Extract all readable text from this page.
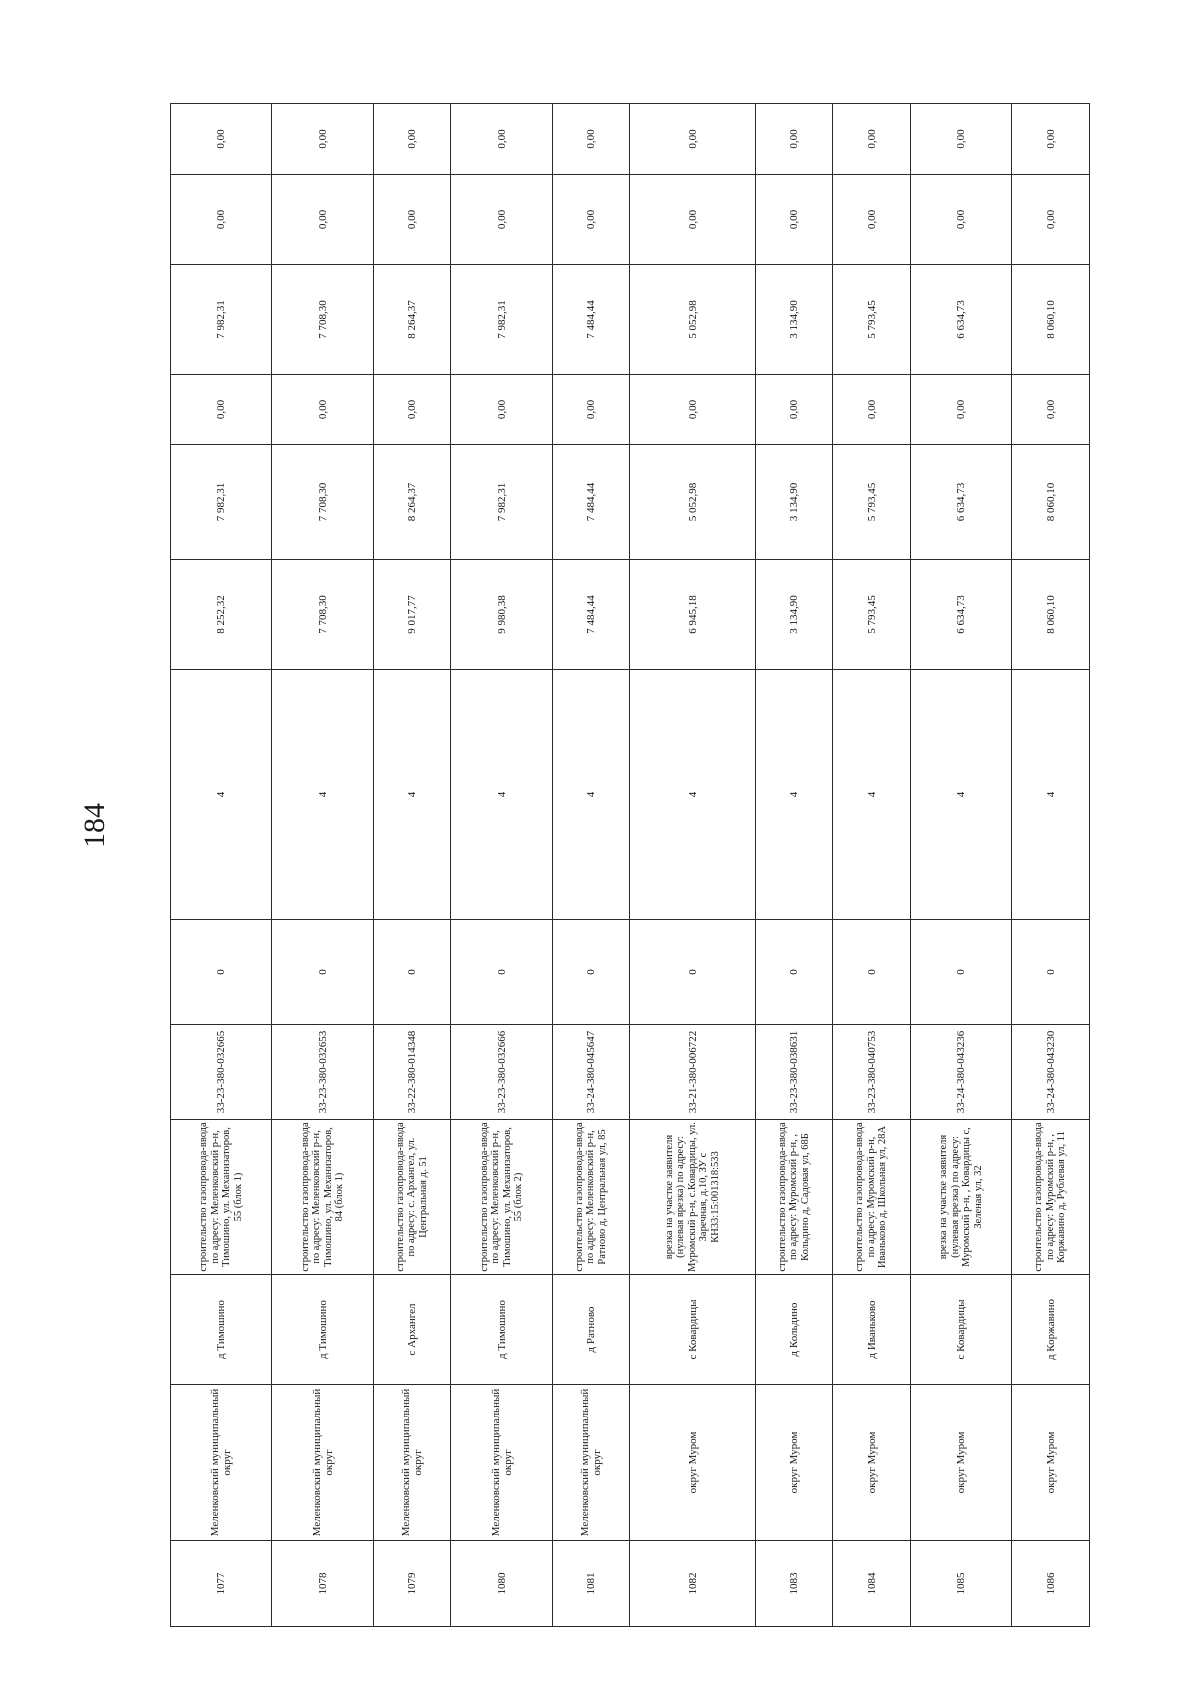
184
1077	Меленковский муниципальный округ	д Тимошино	строительство газопровода-ввода по адресу: Меленковский р-н, Тимошино, ул. Механизаторов, 55 (блок 1)	33-23-380-032665	0	4	8 252,32	7 982,31	0,00	7 982,31	0,00	0,00
1078	Меленковский муниципальный округ	д Тимошино	строительство газопровода-ввода по адресу: Меленковский р-н, Тимошино, ул. Механизаторов, 84 (блок 1)	33-23-380-032653	0	4	7 708,30	7 708,30	0,00	7 708,30	0,00	0,00
1079	Меленковский муниципальный округ	с Архангел	строительство газопровода-ввода по адресу: с. Архангел, ул. Центральная д. 51	33-22-380-014348	0	4	9 017,77	8 264,37	0,00	8 264,37	0,00	0,00
1080	Меленковский муниципальный округ	д Тимошино	строительство газопровода-ввода по адресу: Меленковский р-н, Тимошино, ул. Механизаторов, 55 (блок 2)	33-23-380-032666	0	4	9 980,38	7 982,31	0,00	7 982,31	0,00	0,00
1081	Меленковский муниципальный округ	д Ратново	строительство газопровода-ввода по адресу: Меленковский р-н, Ратново д, Центральная ул, 85	33-24-380-045647	0	4	7 484,44	7 484,44	0,00	7 484,44	0,00	0,00
1082	округ Муром	с Ковардицы	врезка на участке заявителя (нулевая врезка) по адресу: Муромский р-н, с.Ковардицы, ул. Заречная, д.10, ЗУ с КН33:15:001318:533	33-21-380-006722	0	4	6 945,18	5 052,98	0,00	5 052,98	0,00	0,00
1083	округ Муром	д Кольдино	строительство газопровода-ввода по адресу: Муромский р-н, , Кольдино д, Садовая ул, 68Б	33-23-380-038631	0	4	3 134,90	3 134,90	0,00	3 134,90	0,00	0,00
1084	округ Муром	д Иваньково	строительство газопровода-ввода по адресу: Муромский р-н, Иваньково д, Школьная ул, 28А	33-23-380-040753	0	4	5 793,45	5 793,45	0,00	5 793,45	0,00	0,00
1085	округ Муром	с Ковардицы	врезка на участке заявителя (нулевая врезка) по адресу: Муромский р-н, , Ковардицы с, Зеленая ул, 32	33-24-380-043236	0	4	6 634,73	6 634,73	0,00	6 634,73	0,00	0,00
1086	округ Муром	д Коржавино	строительство газопровода-ввода по адресу: Муромский р-н, , Коржавино д, Рублевая ул, 11	33-24-380-043230	0	4	8 060,10	8 060,10	0,00	8 060,10	0,00	0,00
